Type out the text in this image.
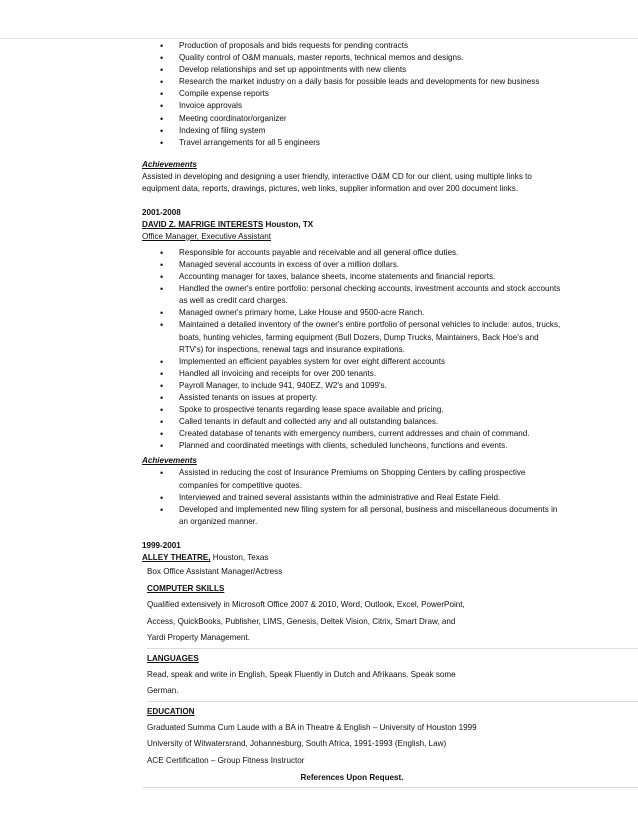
• Production of proposals and bids requests for pending contracts
• Quality control of O&M manuals, master reports, technical memos and designs.
• Develop relationships and set up appointments with new clients
• Research the market industry on a daily basis for possible leads and developments for new business
• Compile expense reports
• Invoice approvals
• Meeting coordinator/organizer
• Indexing of filing system
• Travel arrangements for all 5 engineers
Achievements
Assisted in developing and designing a user friendly, interactive O&M CD for our client, using multiple links to equipment data, reports, drawings, pictures, web links, supplier information and over 200 document links.
2001-2008
DAVID Z. MAFRIGE INTERESTS Houston, TX
Office Manager, Executive Assistant
• Responsible for accounts payable and receivable and all general office duties.
• Managed several accounts in excess of over a million dollars.
• Accounting manager for taxes, balance sheets, income statements and financial reports.
• Handled the owner's entire portfolio: personal checking accounts, investment accounts and stock accounts as well as credit card charges.
• Managed owner's primary home, Lake House and 9500-acre Ranch.
• Maintained a detailed inventory of the owner's entire portfolio of personal vehicles to include: autos, trucks, boats, hunting vehicles, farming equipment (Bull Dozers, Dump Trucks, Maintainers, Back Hoe's and RTV's) for inspections, renewal tags and insurance expirations.
• Implemented an efficient payables system for over eight different accounts
• Handled all invoicing and receipts for over 200 tenants.
• Payroll Manager, to include 941, 940EZ, W2's and 1099's.
• Assisted tenants on issues at property.
• Spoke to prospective tenants regarding lease space available and pricing.
• Called tenants in default and collected any and all outstanding balances.
• Created database of tenants with emergency numbers, current addresses and chain of command.
• Planned and coordinated meetings with clients, scheduled luncheons, functions and events.
Achievements
• Assisted in reducing the cost of Insurance Premiums on Shopping Centers by calling prospective companies for competitive quotes.
• Interviewed and trained several assistants within the administrative and Real Estate Field.
• Developed and implemented new filing system for all personal, business and miscellaneous documents in an organized manner.
1999-2001
ALLEY THEATRE, Houston, Texas
Box Office Assistant Manager/Actress
COMPUTER SKILLS
Qualified extensively in Microsoft Office 2007 & 2010, Word, Outlook, Excel, PowerPoint,
Access, QuickBooks, Publisher, LIMS, Genesis, Deltek Vision, Citrix, Smart Draw, and
Yardi Property Management.
LANGUAGES
Read, speak and write in English, Speak Fluently in Dutch and Afrikaans. Speak some
German.
EDUCATION
Graduated Summa Cum Laude with a BA in Theatre & English – University of Houston 1999
University of Witwatersrand, Johannesburg, South Africa, 1991-1993 (English, Law)
ACE Certification – Group Fitness Instructor
References Upon Request.
